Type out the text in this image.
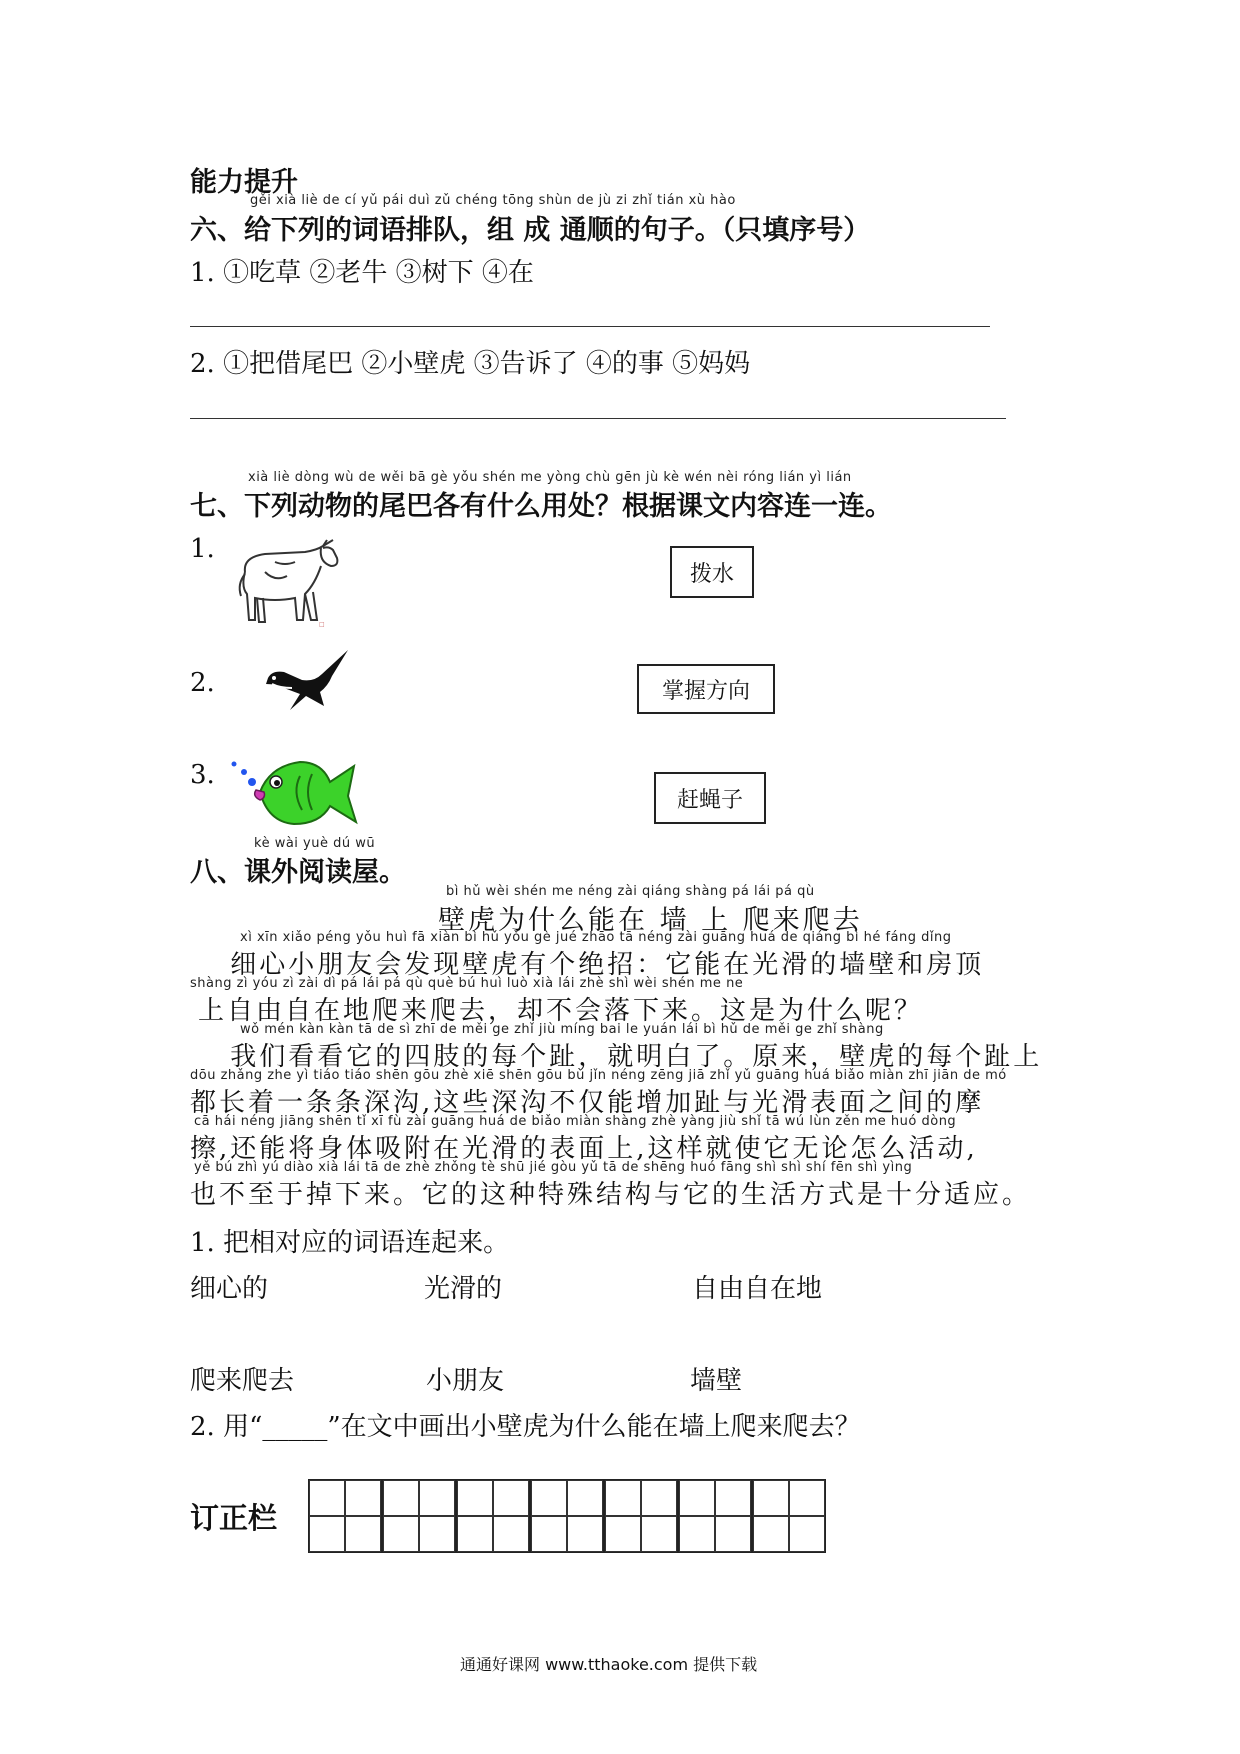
能力提升
gěi xià liè de cí yǔ pái duì zǔ chéng tōng shùn de jù zi zhǐ tián xù hào
六、给下列的词语排队，组 成 通顺的句子。（只填序号）
1. ①吃草 ②老牛 ③树下 ④在
2. ①把借尾巴 ②小壁虎 ③告诉了 ④的事 ⑤妈妈
xià liè dòng wù de wěi bā gè yǒu shén me yòng chù gēn jù kè wén nèi róng lián yì lián
七、下列动物的尾巴各有什么用处？根据课文内容连一连。
1.
2.
3.
□
拨水
掌握方向
赶蝇子
kè wài yuè dú wū
八、课外阅读屋。
bì hǔ wèi shén me néng zài qiáng shàng pá lái pá qù
壁虎为什么能在 墙 上 爬来爬去
xì xīn xiǎo péng yǒu huì fā xiàn bì hǔ yǒu gè jué zhāo tā néng zài guāng huá de qiáng bì hé fáng dǐng
　 细心小朋友会发现壁虎有个绝招：它能在光滑的墙壁和房顶
shàng zì yóu zì zài dì pá lái pá qù què bú huì luò xià lái zhè shì wèi shén me ne
上自由自在地爬来爬去，却不会落下来。这是为什么呢？
wǒ mén kàn kàn tā de sì zhī de měi ge zhǐ jiù míng bai le yuán lái bì hǔ de měi ge zhǐ shàng
　 我们看看它的四肢的每个趾，就明白了。原来，壁虎的每个趾上
dōu zhǎng zhe yì tiáo tiáo shēn gōu zhè xiē shēn gōu bù jǐn néng zēng jiā zhǐ yǔ guāng huá biǎo miàn zhī jiān de mó
都长着一条条深沟,这些深沟不仅能增加趾与光滑表面之间的摩
cā hái néng jiāng shēn tǐ xī fù zài guāng huá de biǎo miàn shàng zhè yàng jiù shǐ tā wú lùn zěn me huó dòng
擦,还能将身体吸附在光滑的表面上,这样就使它无论怎么活动,
yě bú zhì yú diào xià lái tā de zhè zhǒng tè shū jié gòu yǔ tā de shēng huó fāng shì shì shí fēn shì yìng
也不至于掉下来。它的这种特殊结构与它的生活方式是十分适应。
1. 把相对应的词语连起来。
细心的	光滑的	自由自在地
爬来爬去	小朋友	墙壁
2. 用“_____”在文中画出小壁虎为什么能在墙上爬来爬去？
订正栏
通通好课网 www.tthaoke.com 提供下载
